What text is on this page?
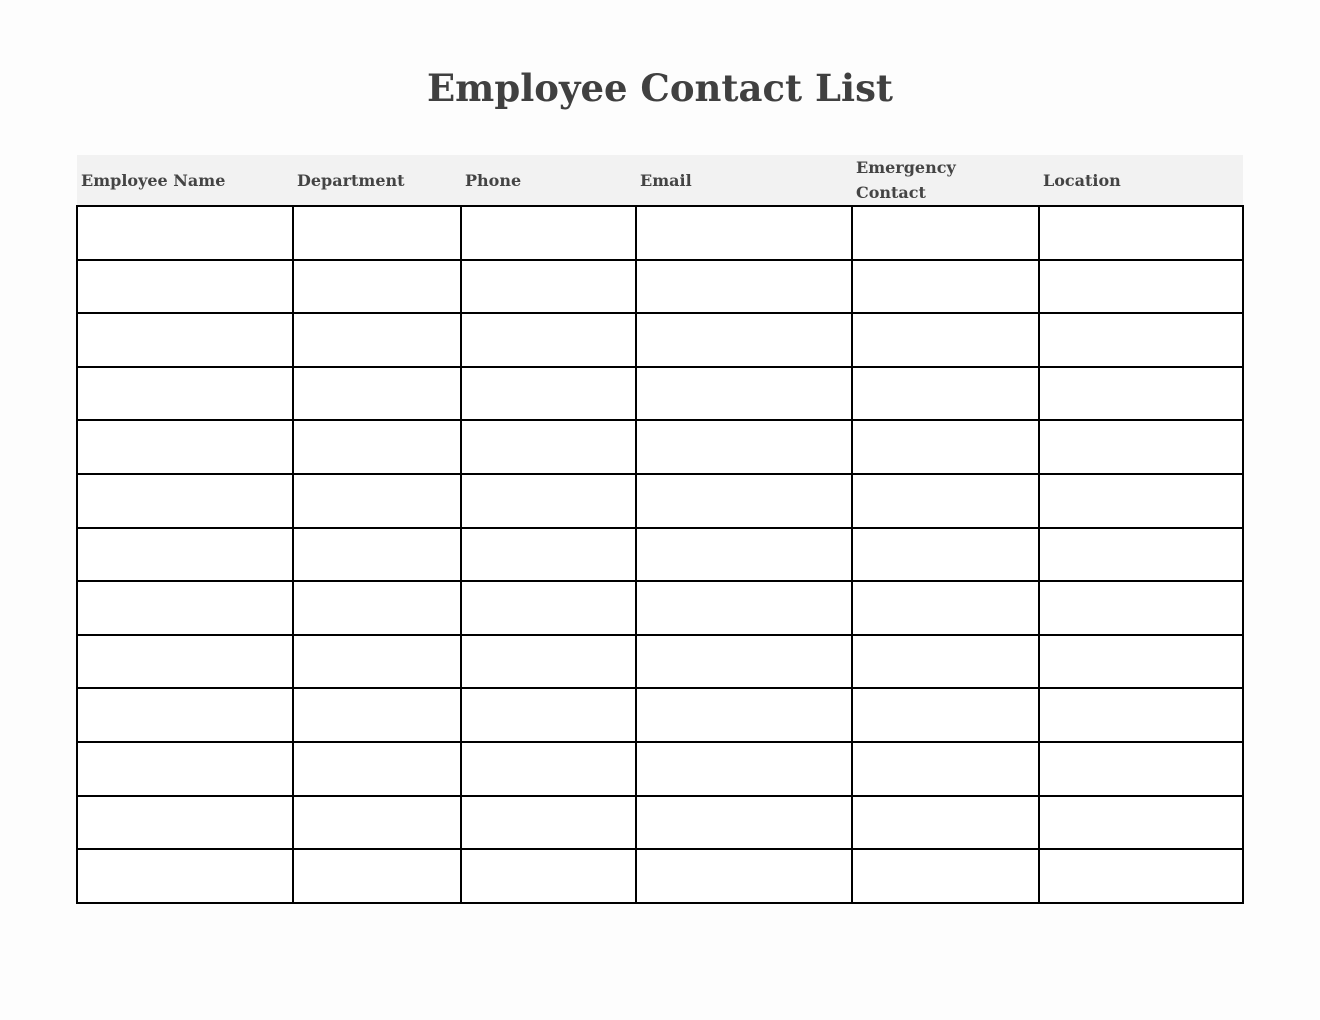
Employee Contact List
Employee Name	Department	Phone	Email	Emergency Contact	Location
